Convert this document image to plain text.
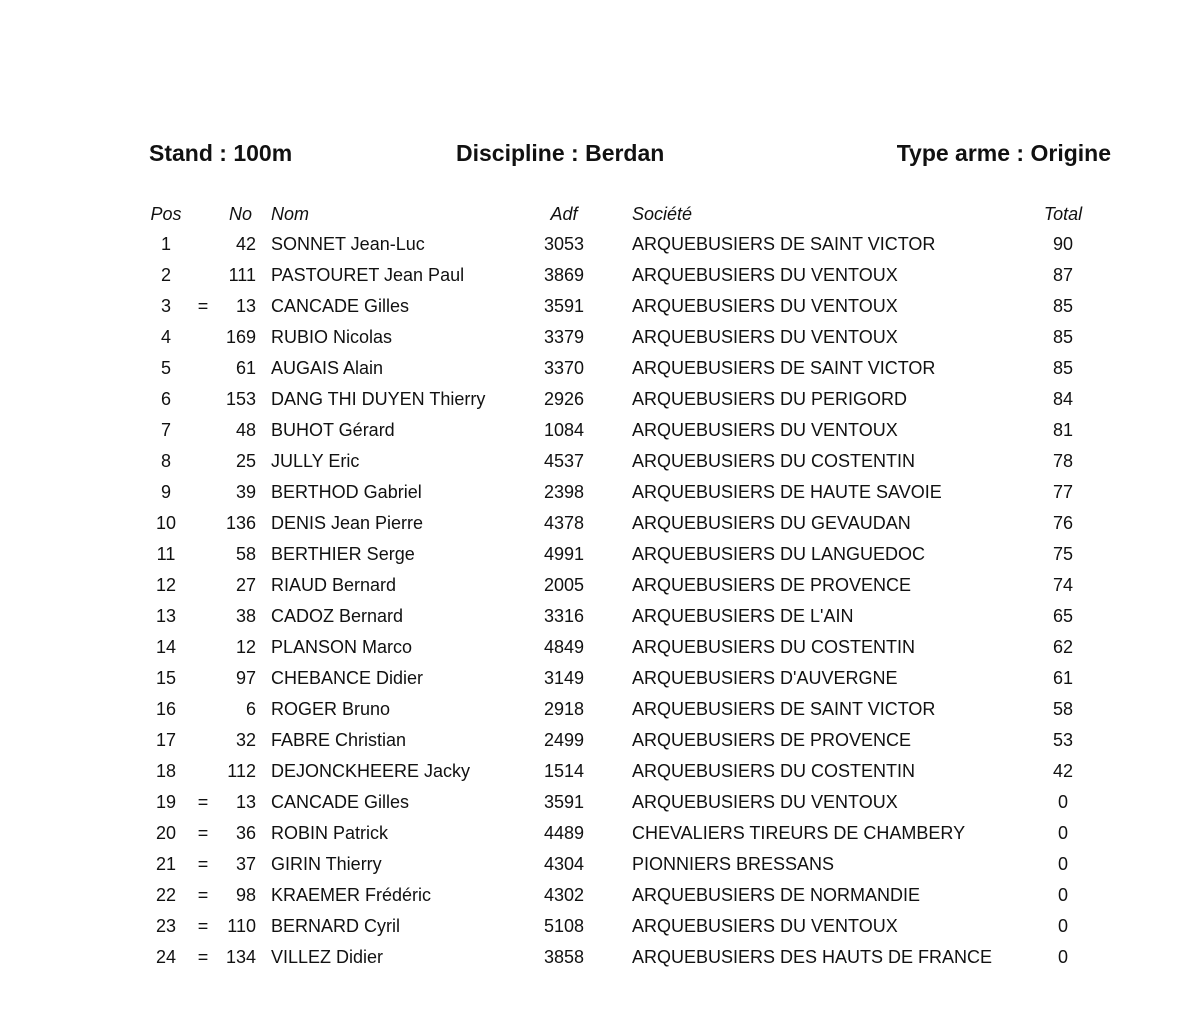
Stand : 100m	Discipline : Berdan	Type arme : Origine
Pos	No Nom	Adf	Société	Total
1	42 SONNET Jean-Luc	3053	ARQUEBUSIERS DE SAINT VICTOR	90
2	111 PASTOURET Jean Paul	3869	ARQUEBUSIERS DU VENTOUX	87
3	=	13 CANCADE Gilles	3591	ARQUEBUSIERS DU VENTOUX	85
4	169 RUBIO Nicolas	3379	ARQUEBUSIERS DU VENTOUX	85
5	61 AUGAIS Alain	3370	ARQUEBUSIERS DE SAINT VICTOR	85
6	153 DANG THI DUYEN Thierry	2926	ARQUEBUSIERS DU PERIGORD	84
7	48 BUHOT Gérard	1084	ARQUEBUSIERS DU VENTOUX	81
8	25 JULLY Eric	4537	ARQUEBUSIERS DU COSTENTIN	78
9	39 BERTHOD Gabriel	2398	ARQUEBUSIERS DE HAUTE SAVOIE	77
10	136 DENIS Jean Pierre	4378	ARQUEBUSIERS DU GEVAUDAN	76
11	58 BERTHIER Serge	4991	ARQUEBUSIERS DU LANGUEDOC	75
12	27 RIAUD Bernard	2005	ARQUEBUSIERS DE PROVENCE	74
13	38 CADOZ Bernard	3316	ARQUEBUSIERS DE L'AIN	65
14	12 PLANSON Marco	4849	ARQUEBUSIERS DU COSTENTIN	62
15	97 CHEBANCE Didier	3149	ARQUEBUSIERS D'AUVERGNE	61
16	6 ROGER Bruno	2918	ARQUEBUSIERS DE SAINT VICTOR	58
17	32 FABRE Christian	2499	ARQUEBUSIERS DE PROVENCE	53
18	112 DEJONCKHEERE Jacky	1514	ARQUEBUSIERS DU COSTENTIN	42
19	=	13 CANCADE Gilles	3591	ARQUEBUSIERS DU VENTOUX	0
20	=	36 ROBIN Patrick	4489	CHEVALIERS TIREURS DE CHAMBERY	0
21	=	37 GIRIN Thierry	4304	PIONNIERS BRESSANS	0
22	=	98 KRAEMER Frédéric	4302	ARQUEBUSIERS DE NORMANDIE	0
23	=	110 BERNARD Cyril	5108	ARQUEBUSIERS DU VENTOUX	0
24	= 134 VILLEZ Didier	3858	ARQUEBUSIERS DES HAUTS DE FRANCE	0
